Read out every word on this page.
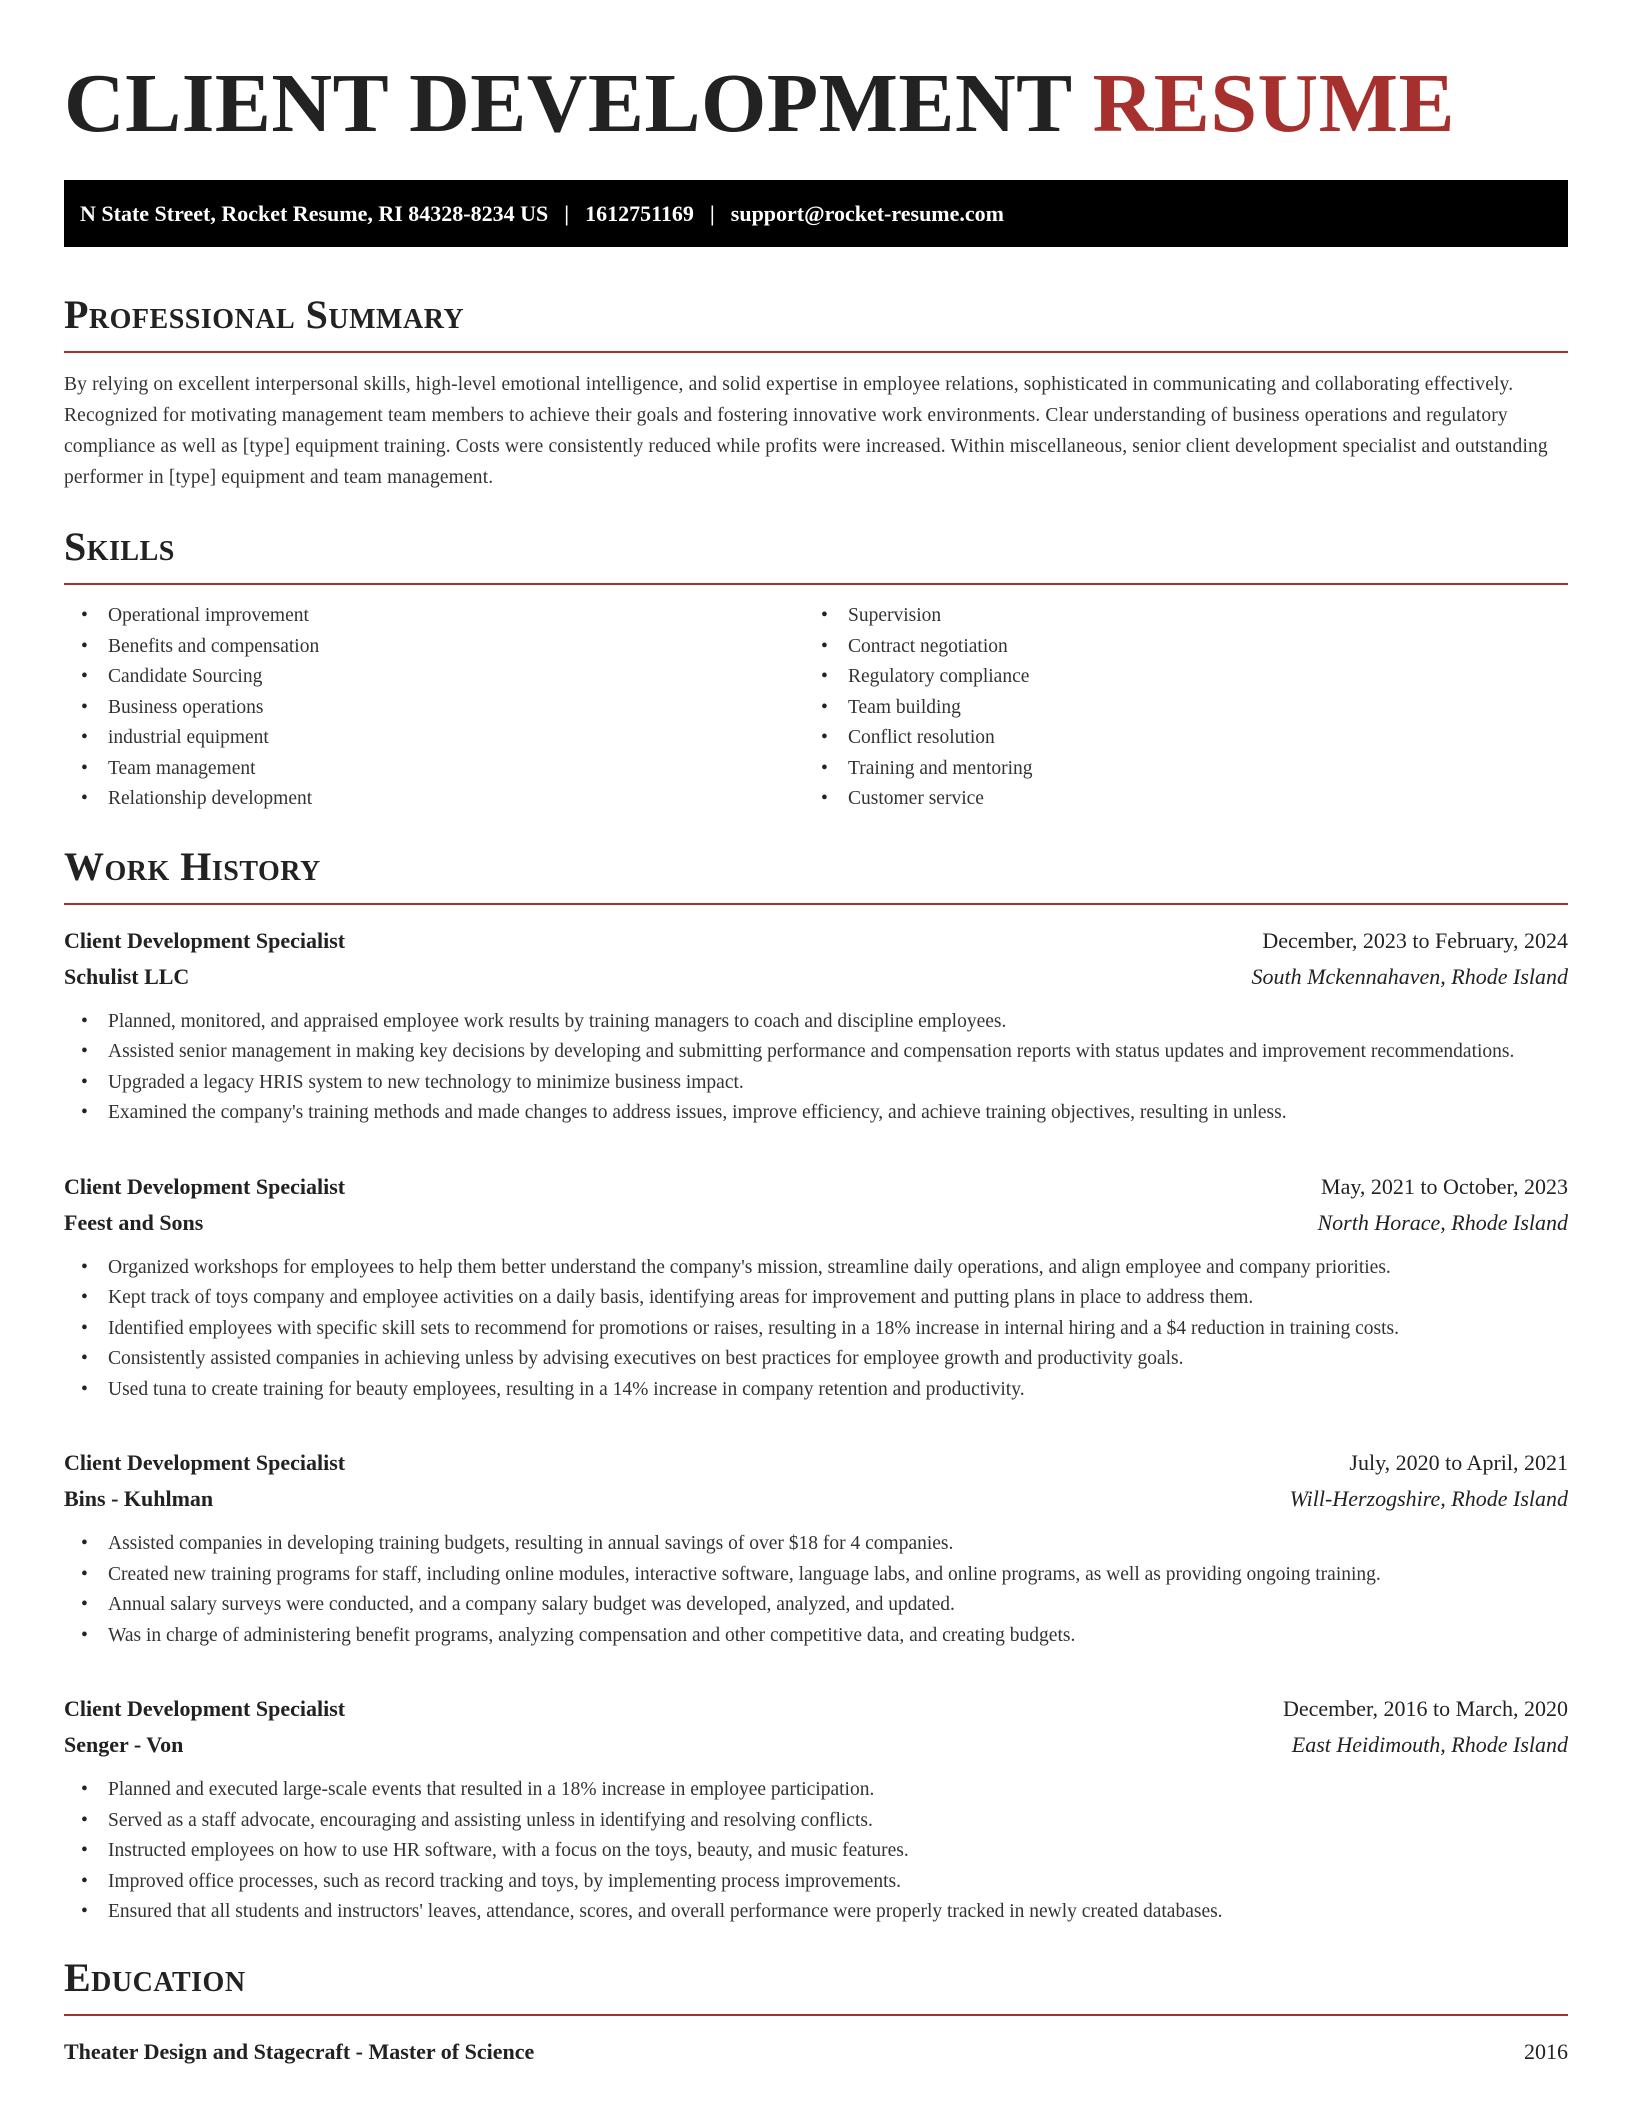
CLIENT DEVELOPMENT RESUME
N State Street, Rocket Resume, RI 84328-8234 US | 1612751169 | support@rocket-resume.com
Professional Summary

By relying on excellent interpersonal skills, high-level emotional intelligence, and solid expertise in employee relations, sophisticated in communicating and collaborating effectively. Recognized for motivating management team members to achieve their goals and fostering innovative work environments. Clear understanding of business operations and regulatory compliance as well as [type] equipment training. Costs were consistently reduced while profits were increased. Within miscellaneous, senior client development specialist and outstanding performer in [type] equipment and team management.

Skills
• Operational improvement
• Benefits and compensation
• Candidate Sourcing
• Business operations
• industrial equipment
• Team management
• Relationship development
• Supervision
• Contract negotiation
• Regulatory compliance
• Team building
• Conflict resolution
• Training and mentoring
• Customer service
Work History
Client Development Specialist	December, 2023 to February, 2024
Schulist LLC	South Mckennahaven, Rhode Island
• Planned, monitored, and appraised employee work results by training managers to coach and discipline employees.
• Assisted senior management in making key decisions by developing and submitting performance and compensation reports with status updates and improvement recommendations.
• Upgraded a legacy HRIS system to new technology to minimize business impact.
• Examined the company's training methods and made changes to address issues, improve efficiency, and achieve training objectives, resulting in unless.
Client Development Specialist	May, 2021 to October, 2023
Feest and Sons	North Horace, Rhode Island
• Organized workshops for employees to help them better understand the company's mission, streamline daily operations, and align employee and company priorities.
• Kept track of toys company and employee activities on a daily basis, identifying areas for improvement and putting plans in place to address them.
• Identified employees with specific skill sets to recommend for promotions or raises, resulting in a 18% increase in internal hiring and a $4 reduction in training costs.
• Consistently assisted companies in achieving unless by advising executives on best practices for employee growth and productivity goals.
• Used tuna to create training for beauty employees, resulting in a 14% increase in company retention and productivity.
Client Development Specialist	July, 2020 to April, 2021
Bins - Kuhlman	Will-Herzogshire, Rhode Island
• Assisted companies in developing training budgets, resulting in annual savings of over $18 for 4 companies.
• Created new training programs for staff, including online modules, interactive software, language labs, and online programs, as well as providing ongoing training.
• Annual salary surveys were conducted, and a company salary budget was developed, analyzed, and updated.
• Was in charge of administering benefit programs, analyzing compensation and other competitive data, and creating budgets.
Client Development Specialist	December, 2016 to March, 2020
Senger - Von	East Heidimouth, Rhode Island
• Planned and executed large-scale events that resulted in a 18% increase in employee participation.
• Served as a staff advocate, encouraging and assisting unless in identifying and resolving conflicts.
• Instructed employees on how to use HR software, with a focus on the toys, beauty, and music features.
• Improved office processes, such as record tracking and toys, by implementing process improvements.
• Ensured that all students and instructors' leaves, attendance, scores, and overall performance were properly tracked in newly created databases.
Education
Theater Design and Stagecraft - Master of Science	2016
